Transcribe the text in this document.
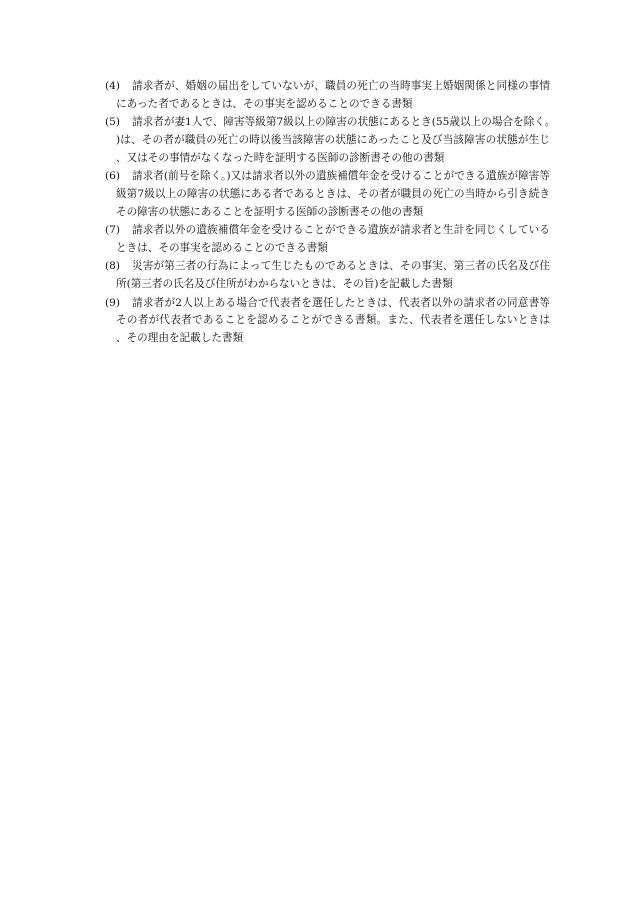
(4)	請求者が、婚姻の届出をしていないが、職員の死亡の当時事実上婚姻関係と同様の事情にあった者であるときは、その事実を認めることのできる書類
(5)	請求者が妻1人で、障害等級第7級以上の障害の状態にあるとき(55歳以上の場合を除く。)は、その者が職員の死亡の時以後当該障害の状態にあったこと及び当該障害の状態が生じ、又はその事情がなくなった時を証明する医師の診断書その他の書類
(6)	請求者(前号を除く。)又は請求者以外の遺族補償年金を受けることができる遺族が障害等級第7級以上の障害の状態にある者であるときは、その者が職員の死亡の当時から引き続きその障害の状態にあることを証明する医師の診断書その他の書類
(7)	請求者以外の遺族補償年金を受けることができる遺族が請求者と生計を同じくしているときは、その事実を認めることのできる書類
(8)	災害が第三者の行為によって生じたものであるときは、その事実、第三者の氏名及び住所(第三者の氏名及び住所がわからないときは、その旨)を記載した書類
(9)	請求者が2人以上ある場合で代表者を選任したときは、代表者以外の請求者の同意書等その者が代表者であることを認めることができる書類。また、代表者を選任しないときは、その理由を記載した書類
